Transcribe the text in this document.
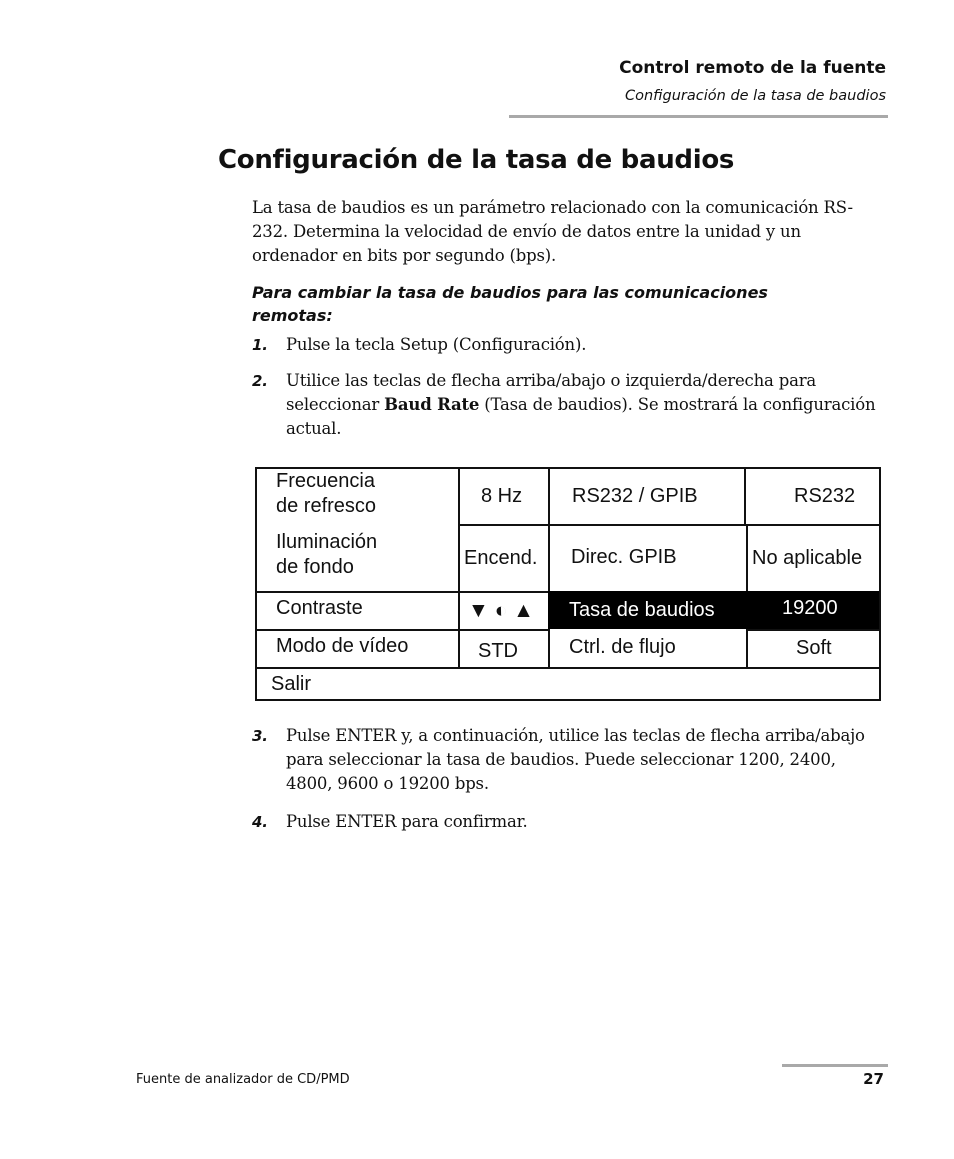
Control remoto de la fuente
Configuración de la tasa de baudios
Configuración de la tasa de baudios
La tasa de baudios es un parámetro relacionado con la comunicación RS-232. Determina la velocidad de envío de datos entre la unidad y un ordenador en bits por segundo (bps).
Para cambiar la tasa de baudios para las comunicaciones remotas:
1. Pulse la tecla Setup (Configuración).
2. Utilice las teclas de flecha arriba/abajo o izquierda/derecha para seleccionar Baud Rate (Tasa de baudios). Se mostrará la configuración actual.
Frecuencia
de refresco	8 Hz	RS232 / GPIB	RS232
Iluminación
de fondo	Encend.	Direc. GPIB	No aplicable
Contraste	▼ ◐ ▲	Tasa de baudios	19200
Modo de vídeo	STD	Ctrl. de flujo	Soft
Salir
3. Pulse ENTER y, a continuación, utilice las teclas de flecha arriba/abajo para seleccionar la tasa de baudios. Puede seleccionar 1200, 2400, 4800, 9600 o 19200 bps.
4. Pulse ENTER para confirmar.
Fuente de analizador de CD/PMD	27
